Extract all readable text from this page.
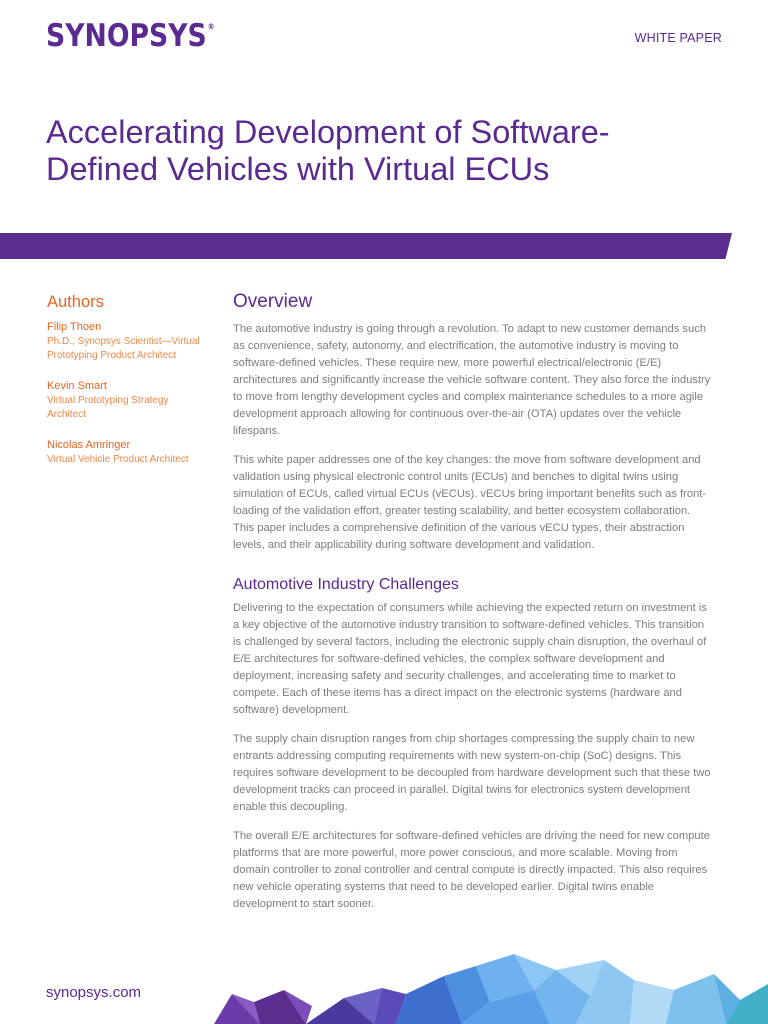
SYNOPSYS®
WHITE PAPER
Accelerating Development of Software-Defined Vehicles with Virtual ECUs
Authors
Filip Thoen
Ph.D., Synopsys Scientist—Virtual Prototyping Product Architect
Kevin Smart
Virtual Prototyping Strategy Architect
Nicolas Amringer
Virtual Vehicle Product Architect
Overview

The automotive industry is going through a revolution. To adapt to new customer demands such as convenience, safety, autonomy, and electrification, the automotive industry is moving to software-defined vehicles. These require new, more powerful electrical/electronic (E/E) architectures and significantly increase the vehicle software content. They also force the industry to move from lengthy development cycles and complex maintenance schedules to a more agile development approach allowing for continuous over-the-air (OTA) updates over the vehicle lifespans.

This white paper addresses one of the key changes: the move from software development and validation using physical electronic control units (ECUs) and benches to digital twins using simulation of ECUs, called virtual ECUs (vECUs). vECUs bring important benefits such as front-loading of the validation effort, greater testing scalability, and better ecosystem collaboration. This paper includes a comprehensive definition of the various vECU types, their abstraction levels, and their applicability during software development and validation.

Automotive Industry Challenges

Delivering to the expectation of consumers while achieving the expected return on investment is a key objective of the automotive industry transition to software-defined vehicles. This transition is challenged by several factors, including the electronic supply chain disruption, the overhaul of E/E architectures for software-defined vehicles, the complex software development and deployment, increasing safety and security challenges, and accelerating time to market to compete. Each of these items has a direct impact on the electronic systems (hardware and software) development.

The supply chain disruption ranges from chip shortages compressing the supply chain to new entrants addressing computing requirements with new system-on-chip (SoC) designs. This requires software development to be decoupled from hardware development such that these two development tracks can proceed in parallel. Digital twins for electronics system development enable this decoupling.

The overall E/E architectures for software-defined vehicles are driving the need for new compute platforms that are more powerful, more power conscious, and more scalable. Moving from domain controller to zonal controller and central compute is directly impacted. This also requires new vehicle operating systems that need to be developed earlier. Digital twins enable development to start sooner.

synopsys.com
